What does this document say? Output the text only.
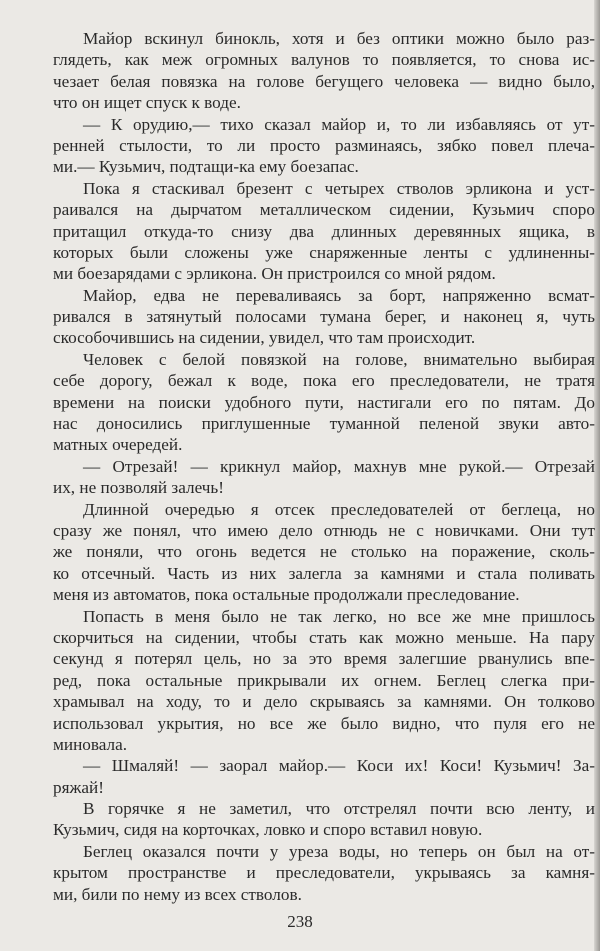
Майор вскинул бинокль, хотя и без оптики можно было раз-
глядеть, как меж огромных валунов то появляется, то снова ис-
чезает белая повязка на голове бегущего человека — видно было,
что он ищет спуск к воде.
— К орудию,— тихо сказал майор и, то ли избавляясь от ут-
ренней стылости, то ли просто разминаясь, зябко повел плеча-
ми.— Кузьмич, подтащи-ка ему боезапас.
Пока я стаскивал брезент с четырех стволов эрликона и уст-
раивался на дырчатом металлическом сидении, Кузьмич споро
притащил откуда-то снизу два длинных деревянных ящика, в
которых были сложены уже снаряженные ленты с удлиненны-
ми боезарядами с эрликона. Он пристроился со мной рядом.
Майор, едва не переваливаясь за борт, напряженно всмат-
ривался в затянутый полосами тумана берег, и наконец я, чуть
скособочившись на сидении, увидел, что там происходит.
Человек с белой повязкой на голове, внимательно выбирая
себе дорогу, бежал к воде, пока его преследователи, не тратя
времени на поиски удобного пути, настигали его по пятам. До
нас доносились приглушенные туманной пеленой звуки авто-
матных очередей.
— Отрезай! — крикнул майор, махнув мне рукой.— Отрезай
их, не позволяй залечь!
Длинной очередью я отсек преследователей от беглеца, но
сразу же понял, что имею дело отнюдь не с новичками. Они тут
же поняли, что огонь ведется не столько на поражение, сколь-
ко отсечный. Часть из них залегла за камнями и стала поливать
меня из автоматов, пока остальные продолжали преследование.
Попасть в меня было не так легко, но все же мне пришлось
скорчиться на сидении, чтобы стать как можно меньше. На пару
секунд я потерял цель, но за это время залегшие рванулись впе-
ред, пока остальные прикрывали их огнем. Беглец слегка при-
храмывал на ходу, то и дело скрываясь за камнями. Он толково
использовал укрытия, но все же было видно, что пуля его не
миновала.
— Шмаляй! — заорал майор.— Коси их! Коси! Кузьмич! За-
ряжай!
В горячке я не заметил, что отстрелял почти всю ленту, и
Кузьмич, сидя на корточках, ловко и споро вставил новую.
Беглец оказался почти у уреза воды, но теперь он был на от-
крытом пространстве и преследователи, укрываясь за камня-
ми, били по нему из всех стволов.
238
